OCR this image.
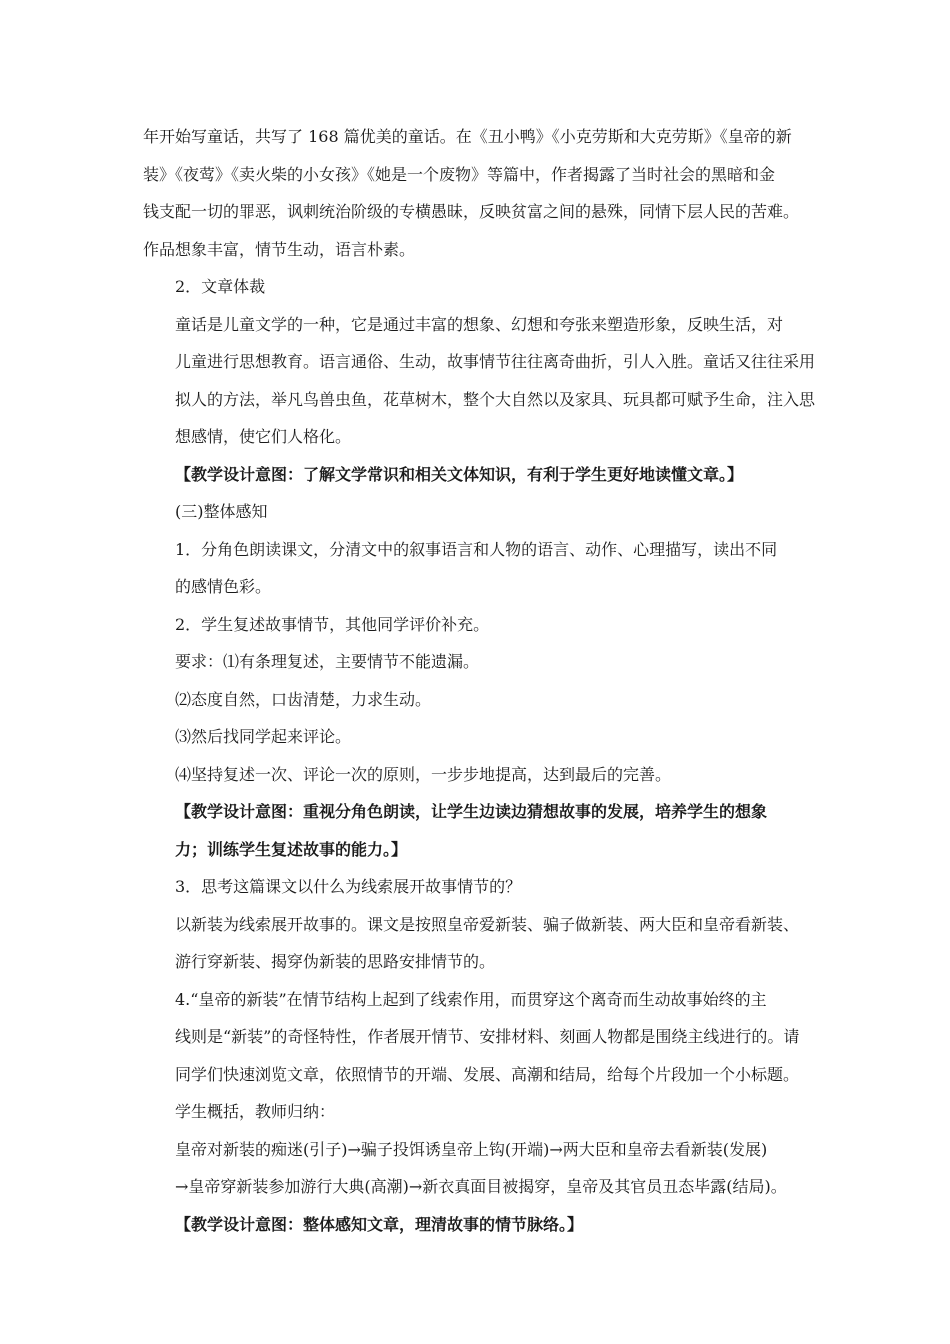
年开始写童话，共写了 168 篇优美的童话。在《丑小鸭》《小克劳斯和大克劳斯》《皇帝的新
装》《夜莺》《卖火柴的小女孩》《她是一个废物》等篇中，作者揭露了当时社会的黑暗和金
钱支配一切的罪恶，讽刺统治阶级的专横愚昧，反映贫富之间的悬殊，同情下层人民的苦难。
作品想象丰富，情节生动，语言朴素。

2．文章体裁

童话是儿童文学的一种，它是通过丰富的想象、幻想和夸张来塑造形象，反映生活，对
儿童进行思想教育。语言通俗、生动，故事情节往往离奇曲折，引人入胜。童话又往往采用
拟人的方法，举凡鸟兽虫鱼，花草树木，整个大自然以及家具、玩具都可赋予生命，注入思
想感情，使它们人格化。

【教学设计意图：了解文学常识和相关文体知识，有利于学生更好地读懂文章。】

(三)整体感知

1．分角色朗读课文，分清文中的叙事语言和人物的语言、动作、心理描写，读出不同
的感情色彩。

2．学生复述故事情节，其他同学评价补充。

要求：⑴有条理复述，主要情节不能遗漏。

⑵态度自然，口齿清楚，力求生动。

⑶然后找同学起来评论。

⑷坚持复述一次、评论一次的原则，一步步地提高，达到最后的完善。

【教学设计意图：重视分角色朗读，让学生边读边猜想故事的发展，培养学生的想象
力；训练学生复述故事的能力。】

3．思考这篇课文以什么为线索展开故事情节的？

以新装为线索展开故事的。课文是按照皇帝爱新装、骗子做新装、两大臣和皇帝看新装、
游行穿新装、揭穿伪新装的思路安排情节的。

4.“皇帝的新装”在情节结构上起到了线索作用，而贯穿这个离奇而生动故事始终的主
线则是“新装”的奇怪特性，作者展开情节、安排材料、刻画人物都是围绕主线进行的。请
同学们快速浏览文章，依照情节的开端、发展、高潮和结局，给每个片段加一个小标题。

学生概括，教师归纳：

皇帝对新装的痴迷(引子)→骗子投饵诱皇帝上钩(开端)→两大臣和皇帝去看新装(发展)
→皇帝穿新装参加游行大典(高潮)→新衣真面目被揭穿，皇帝及其官员丑态毕露(结局)。

【教学设计意图：整体感知文章，理清故事的情节脉络。】
